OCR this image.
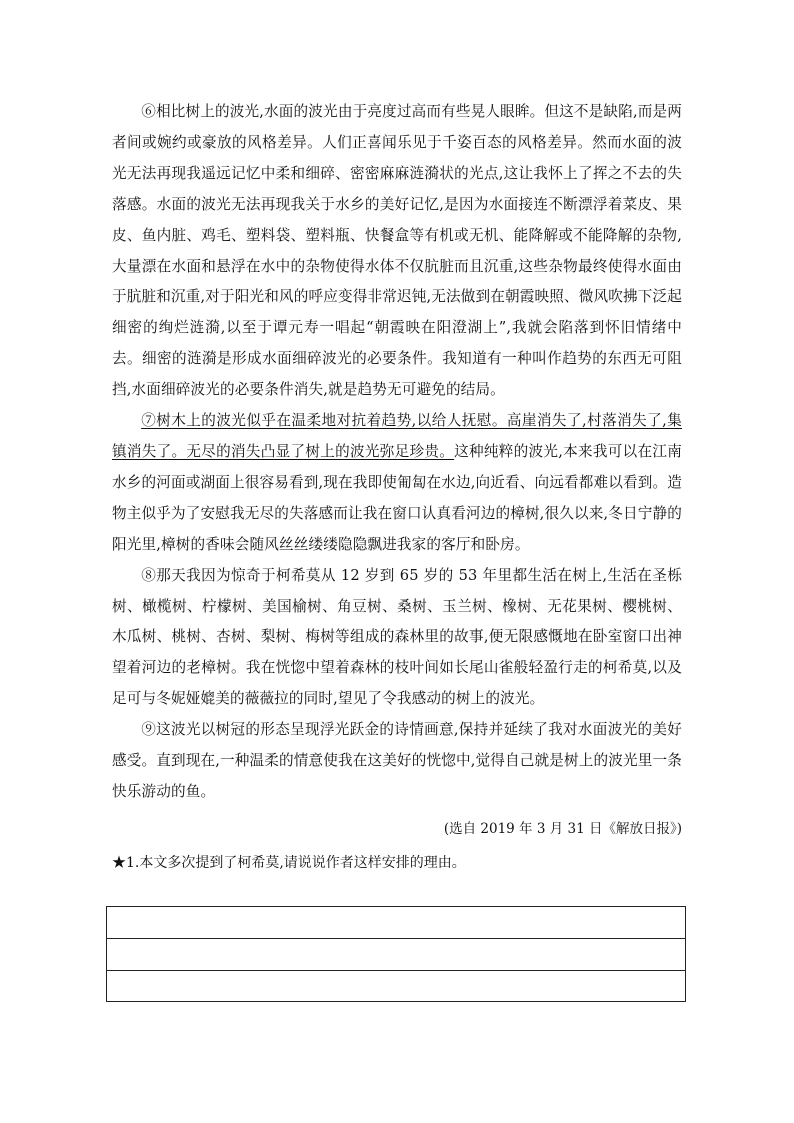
⑥相比树上的波光,水面的波光由于亮度过高而有些晃人眼眸。但这不是缺陷,而是两者间或婉约或豪放的风格差异。人们正喜闻乐见于千姿百态的风格差异。然而水面的波光无法再现我遥远记忆中柔和细碎、密密麻麻涟漪状的光点,这让我怀上了挥之不去的失落感。水面的波光无法再现我关于水乡的美好记忆,是因为水面接连不断漂浮着菜皮、果皮、鱼内脏、鸡毛、塑料袋、塑料瓶、快餐盒等有机或无机、能降解或不能降解的杂物,大量漂在水面和悬浮在水中的杂物使得水体不仅肮脏而且沉重,这些杂物最终使得水面由于肮脏和沉重,对于阳光和风的呼应变得非常迟钝,无法做到在朝霞映照、微风吹拂下泛起细密的绚烂涟漪,以至于谭元寿一唱起“朝霞映在阳澄湖上”,我就会陷落到怀旧情绪中去。细密的涟漪是形成水面细碎波光的必要条件。我知道有一种叫作趋势的东西无可阻挡,水面细碎波光的必要条件消失,就是趋势无可避免的结局。

⑦树木上的波光似乎在温柔地对抗着趋势,以给人抚慰。高崖消失了,村落消失了,集镇消失了。无尽的消失凸显了树上的波光弥足珍贵。这种纯粹的波光,本来我可以在江南水乡的河面或湖面上很容易看到,现在我即使匍匐在水边,向近看、向远看都难以看到。造物主似乎为了安慰我无尽的失落感而让我在窗口认真看河边的樟树,很久以来,冬日宁静的阳光里,樟树的香味会随风丝丝缕缕隐隐飘进我家的客厅和卧房。

⑧那天我因为惊奇于柯希莫从 12 岁到 65 岁的 53 年里都生活在树上,生活在圣栎树、橄榄树、柠檬树、美国榆树、角豆树、桑树、玉兰树、橡树、无花果树、樱桃树、木瓜树、桃树、杏树、梨树、梅树等组成的森林里的故事,便无限感慨地在卧室窗口出神望着河边的老樟树。我在恍惚中望着森林的枝叶间如长尾山雀般轻盈行走的柯希莫,以及足可与冬妮娅媲美的薇薇拉的同时,望见了令我感动的树上的波光。

⑨这波光以树冠的形态呈现浮光跃金的诗情画意,保持并延续了我对水面波光的美好感受。直到现在,一种温柔的情意使我在这美好的恍惚中,觉得自己就是树上的波光里一条快乐游动的鱼。

(选自 2019 年 3 月 31 日《解放日报》)
★1.本文多次提到了柯希莫,请说说作者这样安排的理由。
